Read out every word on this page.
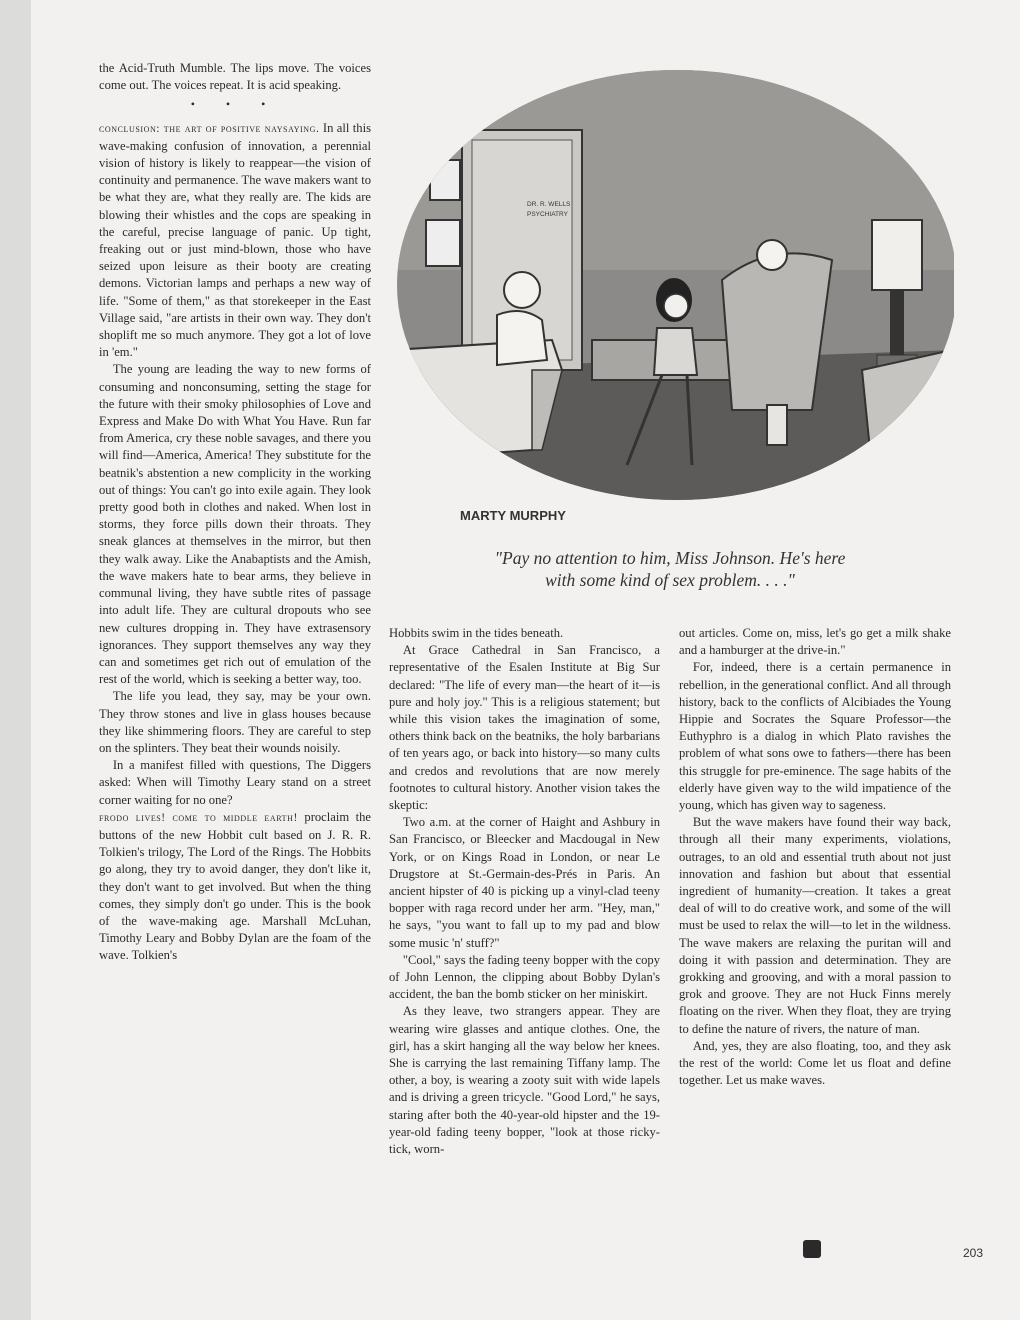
the Acid-Truth Mumble. The lips move. The voices come out. The voices repeat. It is acid speaking.

• • •

conclusion: the art of positive naysaying. In all this wave-making confusion of innovation, a perennial vision of history is likely to reappear—the vision of continuity and permanence. The wave makers want to be what they are, what they really are. The kids are blowing their whistles and the cops are speaking in the careful, precise language of panic. Up tight, freaking out or just mind-blown, those who have seized upon leisure as their booty are creating demons. Victorian lamps and perhaps a new way of life. "Some of them," as that storekeeper in the East Village said, "are artists in their own way. They don't shoplift me so much anymore. They got a lot of love in 'em."

The young are leading the way to new forms of consuming and nonconsuming, setting the stage for the future with their smoky philosophies of Love and Express and Make Do with What You Have. Run far from America, cry these noble savages, and there you will find—America, America! They substitute for the beatnik's abstention a new complicity in the working out of things: You can't go into exile again. They look pretty good both in clothes and naked. When lost in storms, they force pills down their throats. They sneak glances at themselves in the mirror, but then they walk away. Like the Anabaptists and the Amish, the wave makers hate to bear arms, they believe in communal living, they have subtle rites of passage into adult life. They are cultural dropouts who see new cultures dropping in. They have extrasensory ignorances. They support themselves any way they can and sometimes get rich out of emulation of the rest of the world, which is seeking a better way, too.

The life you lead, they say, may be your own. They throw stones and live in glass houses because they like shimmering floors. They are careful to step on the splinters. They beat their wounds noisily.

In a manifest filled with questions, The Diggers asked: When will Timothy Leary stand on a street corner waiting for no one?

frodo lives! come to middle earth! proclaim the buttons of the new Hobbit cult based on J. R. R. Tolkien's trilogy, The Lord of the Rings. The Hobbits go along, they try to avoid danger, they don't like it, they don't want to get involved. But when the thing comes, they simply don't go under. This is the book of the wave-making age. Marshall McLuhan, Timothy Leary and Bobby Dylan are the foam of the wave. Tolkien's

DR. R. WELLS
PSYCHIATRY
MARTY MURPHY
"Pay no attention to him, Miss Johnson. He's here
with some kind of sex problem. . . ."

Hobbits swim in the tides beneath.

At Grace Cathedral in San Francisco, a representative of the Esalen Institute at Big Sur declared: "The life of every man—the heart of it—is pure and holy joy." This is a religious statement; but while this vision takes the imagination of some, others think back on the beatniks, the holy barbarians of ten years ago, or back into history—so many cults and credos and revolutions that are now merely footnotes to cultural history. Another vision takes the skeptic:

Two a.m. at the corner of Haight and Ashbury in San Francisco, or Bleecker and Macdougal in New York, or on Kings Road in London, or near Le Drugstore at St.-Germain-des-Prés in Paris. An ancient hipster of 40 is picking up a vinyl-clad teeny bopper with raga record under her arm. "Hey, man," he says, "you want to fall up to my pad and blow some music 'n' stuff?"

"Cool," says the fading teeny bopper with the copy of John Lennon, the clipping about Bobby Dylan's accident, the ban the bomb sticker on her miniskirt.

As they leave, two strangers appear. They are wearing wire glasses and antique clothes. One, the girl, has a skirt hanging all the way below her knees. She is carrying the last remaining Tiffany lamp. The other, a boy, is wearing a zooty suit with wide lapels and is driving a green tricycle. "Good Lord," he says, staring after both the 40-year-old hipster and the 19-year-old fading teeny bopper, "look at those ricky-tick, worn-

out articles. Come on, miss, let's go get a milk shake and a hamburger at the drive-in."

For, indeed, there is a certain permanence in rebellion, in the generational conflict. And all through history, back to the conflicts of Alcibiades the Young Hippie and Socrates the Square Professor—the Euthyphro is a dialog in which Plato ravishes the problem of what sons owe to fathers—there has been this struggle for pre-eminence. The sage habits of the elderly have given way to the wild impatience of the young, which has given way to sageness.

But the wave makers have found their way back, through all their many experiments, violations, outrages, to an old and essential truth about not just innovation and fashion but about that essential ingredient of humanity—creation. It takes a great deal of will to do creative work, and some of the will must be used to relax the will—to let in the wildness. The wave makers are relaxing the puritan will and doing it with passion and determination. They are grokking and grooving, and with a moral passion to grok and groove. They are not Huck Finns merely floating on the river. When they float, they are trying to define the nature of rivers, the nature of man.

And, yes, they are also floating, too, and they ask the rest of the world: Come let us float and define together. Let us make waves.

203
